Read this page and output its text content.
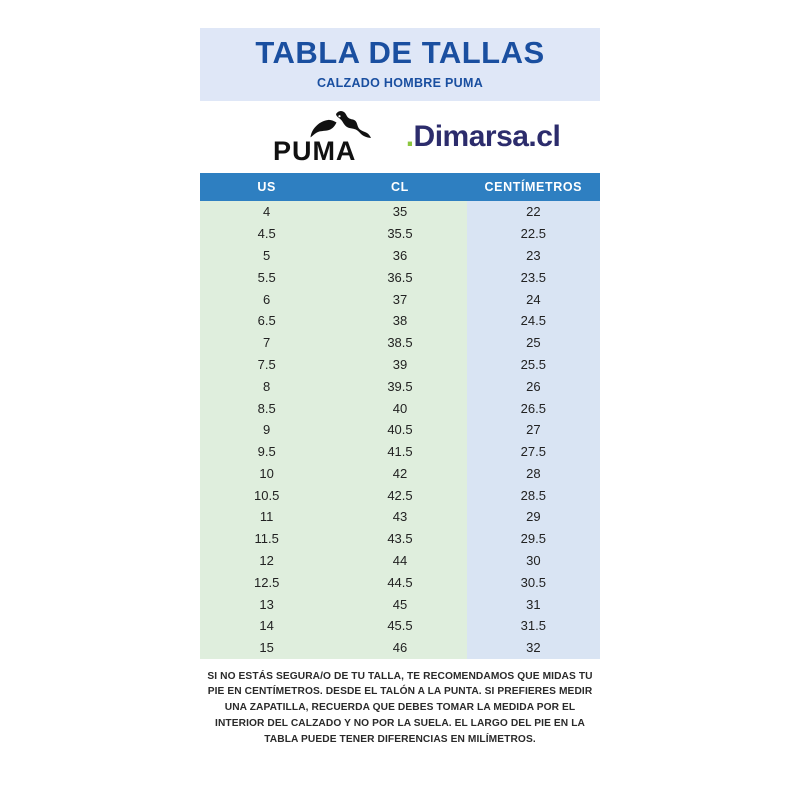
TABLA DE TALLAS
CALZADO HOMBRE PUMA
PUMA . Dimarsa.cl
US	CL	CENTÍMETROS
4	35	22
4.5	35.5	22.5
5	36	23
5.5	36.5	23.5
6	37	24
6.5	38	24.5
7	38.5	25
7.5	39	25.5
8	39.5	26
8.5	40	26.5
9	40.5	27
9.5	41.5	27.5
10	42	28
10.5	42.5	28.5
11	43	29
11.5	43.5	29.5
12	44	30
12.5	44.5	30.5
13	45	31
14	45.5	31.5
15	46	32
SI NO ESTÁS SEGURA/O DE TU TALLA, TE RECOMENDAMOS QUE MIDAS TU PIE EN CENTÍMETROS. DESDE EL TALÓN A LA PUNTA. SI PREFIERES MEDIR UNA ZAPATILLA, RECUERDA QUE DEBES TOMAR LA MEDIDA POR EL INTERIOR DEL CALZADO Y NO POR LA SUELA. EL LARGO DEL PIE EN LA TABLA PUEDE TENER DIFERENCIAS EN MILÍMETROS.
